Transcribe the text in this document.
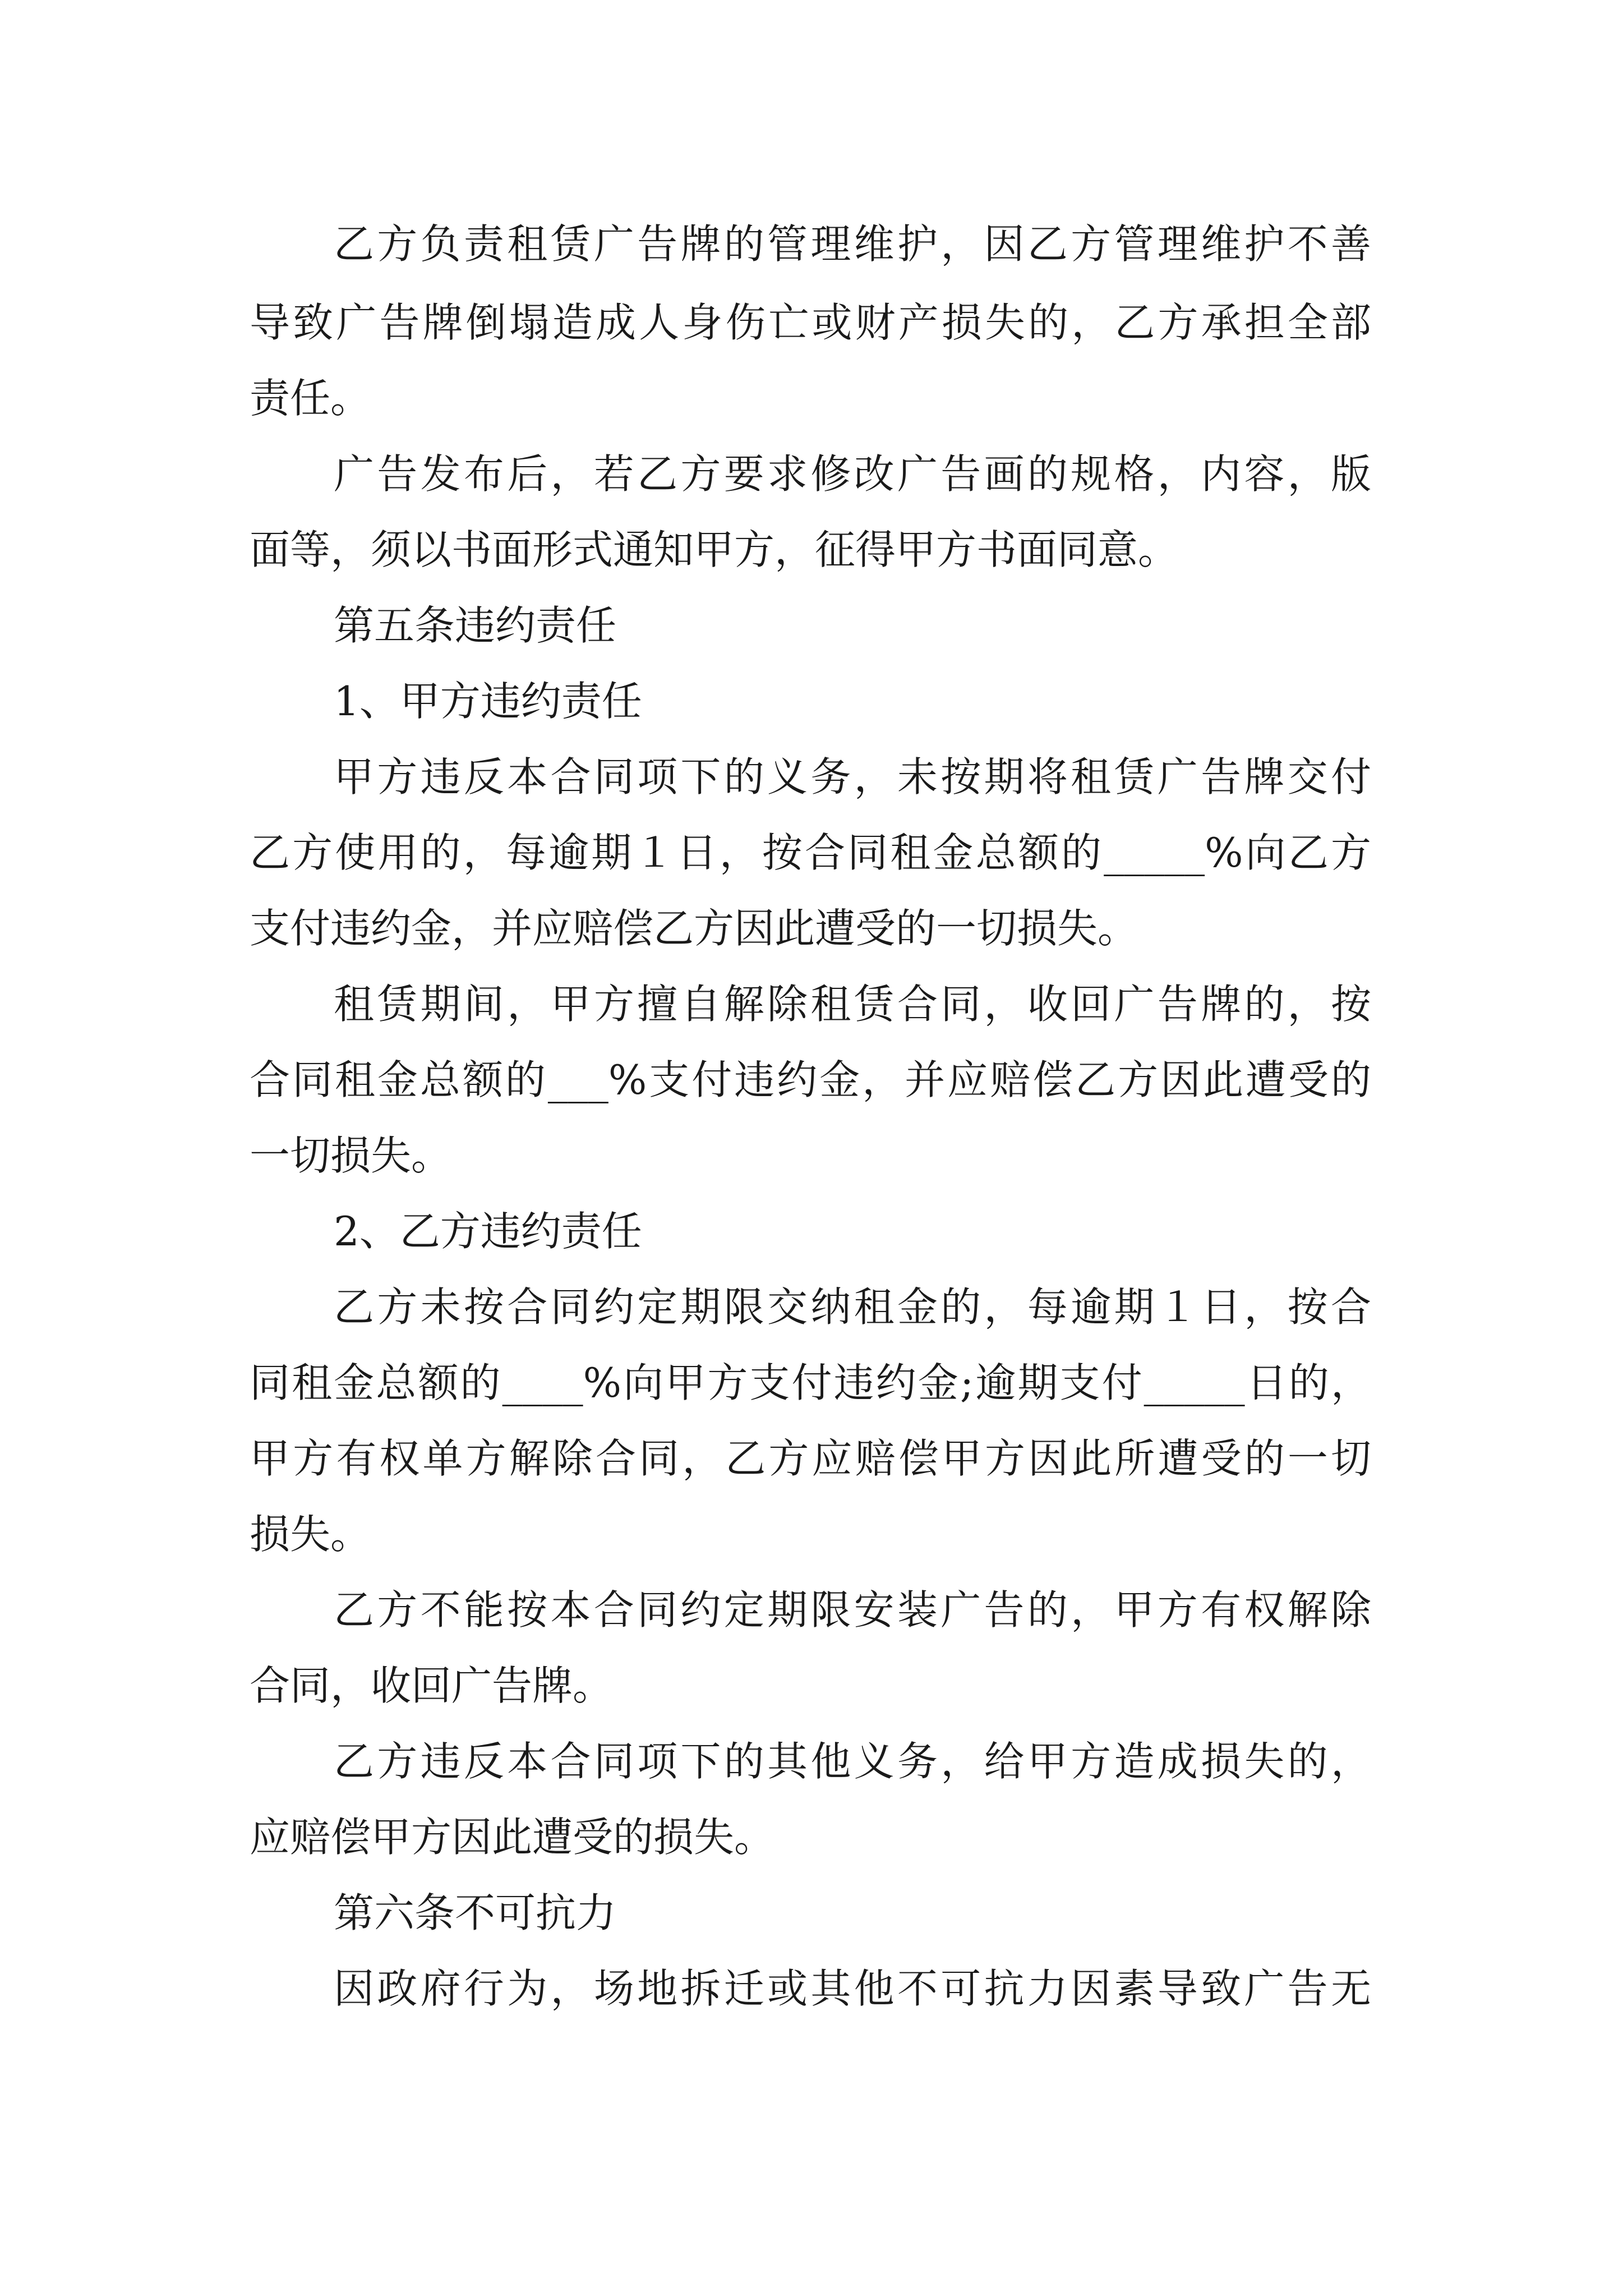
乙方负责租赁广告牌的管理维护，因乙方管理维护不善

导致广告牌倒塌造成人身伤亡或财产损失的，乙方承担全部

责任。

广告发布后，若乙方要求修改广告画的规格，内容，版

面等，须以书面形式通知甲方，征得甲方书面同意。

第五条违约责任

1、甲方违约责任

甲方违反本合同项下的义务，未按期将租赁广告牌交付

乙方使用的，每逾期１日，按合同租金总额的_____%向乙方

支付违约金，并应赔偿乙方因此遭受的一切损失。

租赁期间，甲方擅自解除租赁合同，收回广告牌的，按

合同租金总额的___%支付违约金，并应赔偿乙方因此遭受的

一切损失。

2、乙方违约责任

乙方未按合同约定期限交纳租金的，每逾期１日，按合

同租金总额的____%向甲方支付违约金;逾期支付_____日的，

甲方有权单方解除合同，乙方应赔偿甲方因此所遭受的一切

损失。

乙方不能按本合同约定期限安装广告的，甲方有权解除

合同，收回广告牌。

乙方违反本合同项下的其他义务，给甲方造成损失的，

应赔偿甲方因此遭受的损失。

第六条不可抗力

因政府行为，场地拆迁或其他不可抗力因素导致广告无
